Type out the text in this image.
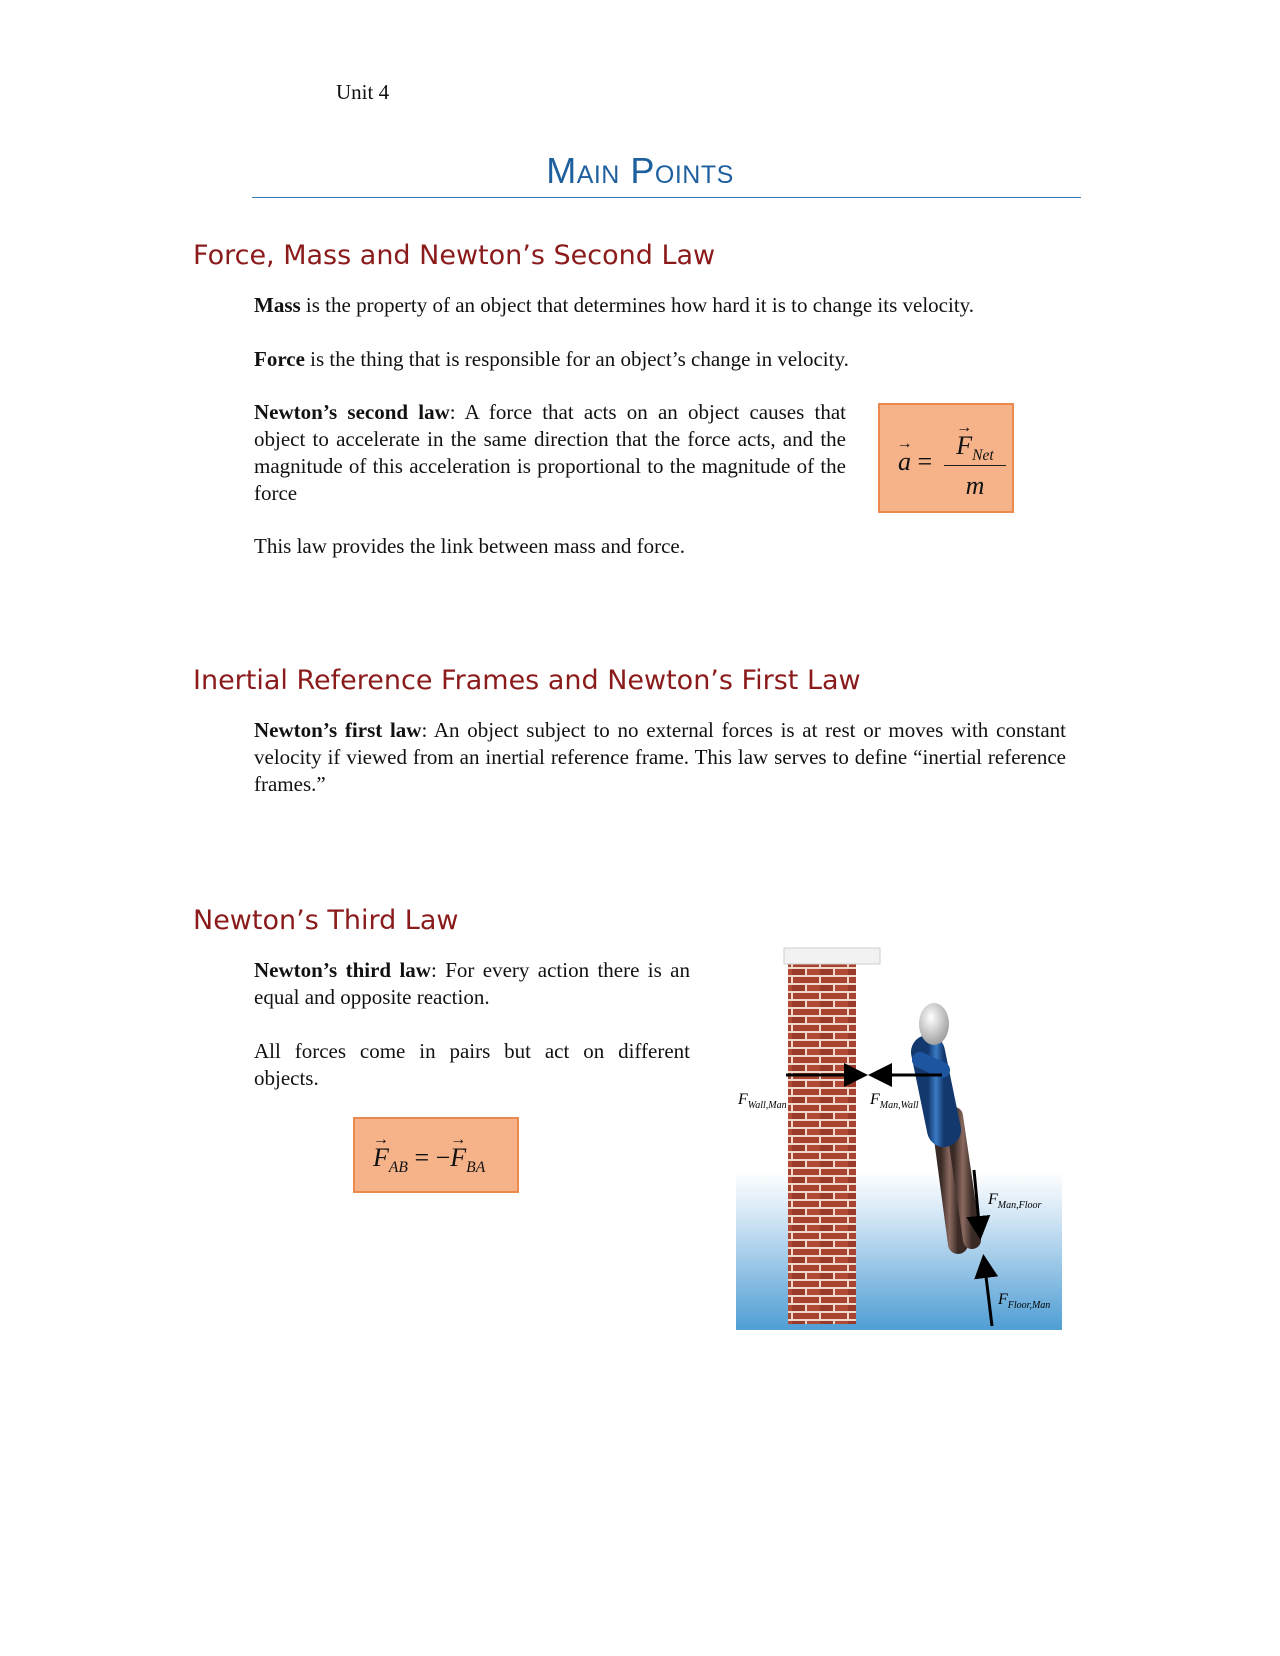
Unit 4
Main Points
Force, Mass and Newton’s Second Law

Mass is the property of an object that determines how hard it is to change its velocity.

Force is the thing that is responsible for an object’s change in velocity.

Newton’s second law: A force that acts on an object causes that object to accelerate in the same direction that the force acts, and the magnitude of this acceleration is proportional to the magnitude of the force

→ a =
→ $F_{Net}$
m

This law provides the link between mass and force.

Inertial Reference Frames and Newton’s First Law

Newton’s first law: An object subject to no external forces is at rest or moves with constant velocity if viewed from an inertial reference frame. This law serves to define “inertial reference frames.”

Newton’s Third Law

Newton’s third law: For every action there is an equal and opposite reaction.

All forces come in pairs but act on different objects.

→ $F_{AB}$ = −→ $F_{BA}$
$F_{Wall,Man}$	$F_{Man,Wall}$
$F_{Man,Floor}$
$F_{Floor,Man}$
